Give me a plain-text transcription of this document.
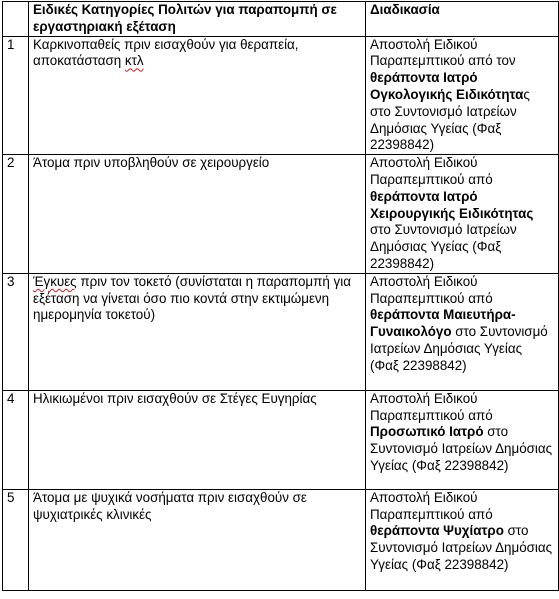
	Ειδικές Κατηγορίες Πολιτών για παραπομπή σε εργαστηριακή εξέταση	Διαδικασία
1	Καρκινοπαθείς πριν εισαχθούν για θεραπεία, αποκατάσταση κτλ	Αποστολή Ειδικού Παραπεμπτικού από τον θεράποντα Ιατρό Ογκολογικής Ειδικότητας στο Συντονισμό Ιατρείων Δημόσιας Υγείας (Φαξ 22398842)
2	Άτομα πριν υποβληθούν σε χειρουργείο	Αποστολή Ειδικού Παραπεμπτικού από θεράποντα Ιατρό Χειρουργικής Ειδικότητας στο Συντονισμό Ιατρείων Δημόσιας Υγείας (Φαξ 22398842)
3	Έγκυες πριν τον τοκετό (συνίσταται η παραπομπή για εξέταση να γίνεται όσο πιο κοντά στην εκτιμώμενη ημερομηνία τοκετού)	Αποστολή Ειδικού Παραπεμπτικού από θεράποντα Μαιευτήρα-Γυναικολόγο στο Συντονισμό Ιατρείων Δημόσιας Υγείας (Φαξ 22398842)
4	Ηλικιωμένοι πριν εισαχθούν σε Στέγες Ευγηρίας	Αποστολή Ειδικού Παραπεμπτικού από Προσωπικό Ιατρό στο Συντονισμό Ιατρείων Δημόσιας Υγείας (Φαξ 22398842)
5	Άτομα με ψυχικά νοσήματα πριν εισαχθούν σε ψυχιατρικές κλινικές	Αποστολή Ειδικού Παραπεμπτικού από θεράποντα Ψυχίατρο στο Συντονισμό Ιατρείων Δημόσιας Υγείας (Φαξ 22398842)
